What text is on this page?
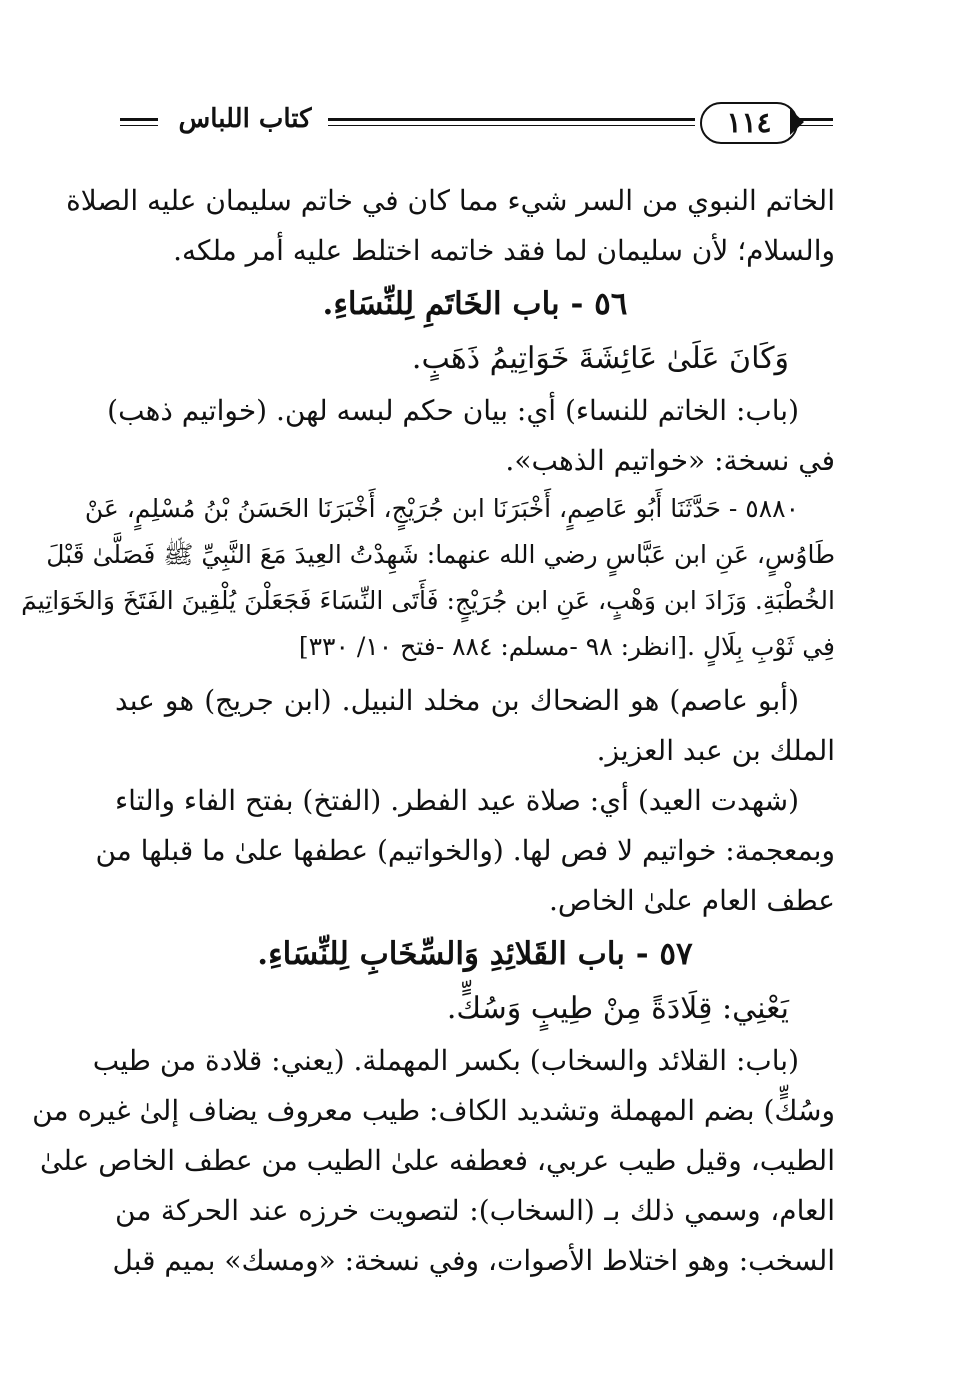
كتاب اللباس	١١٤
الخاتم النبوي من السر شيء مما كان في خاتم سليمان عليه الصلاة
والسلام؛ لأن سليمان لما فقد خاتمه اختلط عليه أمر ملكه.
٥٦ - باب الخَاتَمِ لِلنِّسَاءِ.
وَكَانَ عَلَىٰ عَائِشَةَ خَوَاتِيمُ ذَهَبٍ.
(باب: الخاتم للنساء) أي: بيان حكم لبسه لهن. (خواتيم ذهب)
في نسخة: «خواتيم الذهب».
٥٨٨٠ - حَدَّثَنَا أَبُو عَاصِمٍ، أَخْبَرَنَا ابن جُرَيْجٍ، أَخْبَرَنَا الحَسَنُ بْنُ مُسْلِمٍ، عَنْ
طَاوُسٍ، عَنِ ابن عَبَّاسٍ رضي الله عنهما: شَهِدْتُ العِيدَ مَعَ النَّبِيِّ ﷺ فَصَلَّىٰ قَبْلَ
الخُطْبَةِ. وَزَادَ ابن وَهْبٍ، عَنِ ابن جُرَيْجٍ: فَأَتَى النِّسَاءَ فَجَعَلْنَ يُلْقِينَ الفَتَخَ وَالخَوَاتِيمَ
فِي ثَوْبِ بِلَالٍ .[انظر: ٩٨ -مسلم: ٨٨٤ -فتح ١٠/ ٣٣٠]
(أبو عاصم) هو الضحاك بن مخلد النبيل. (ابن جريج) هو عبد
الملك بن عبد العزيز.
(شهدت العيد) أي: صلاة عيد الفطر. (الفتخ) بفتح الفاء والتاء
وبمعجمة: خواتيم لا فص لها. (والخواتيم) عطفها علىٰ ما قبلها من
عطف العام علىٰ الخاص.
٥٧ - باب القَلائِدِ وَالسِّخَابِ لِلنِّسَاءِ.
يَعْنِي: قِلَادَةً مِنْ طِيبٍ وَسُكٍّ.
(باب: القلائد والسخاب) بكسر المهملة. (يعني: قلادة من طيب
وسُكٍّ) بضم المهملة وتشديد الكاف: طيب معروف يضاف إلىٰ غيره من
الطيب، وقيل طيب عربي، فعطفه علىٰ الطيب من عطف الخاص علىٰ
العام، وسمي ذلك بـ (السخاب): لتصويت خرزه عند الحركة من
السخب: وهو اختلاط الأصوات، وفي نسخة: «ومسك» بميم قبل
